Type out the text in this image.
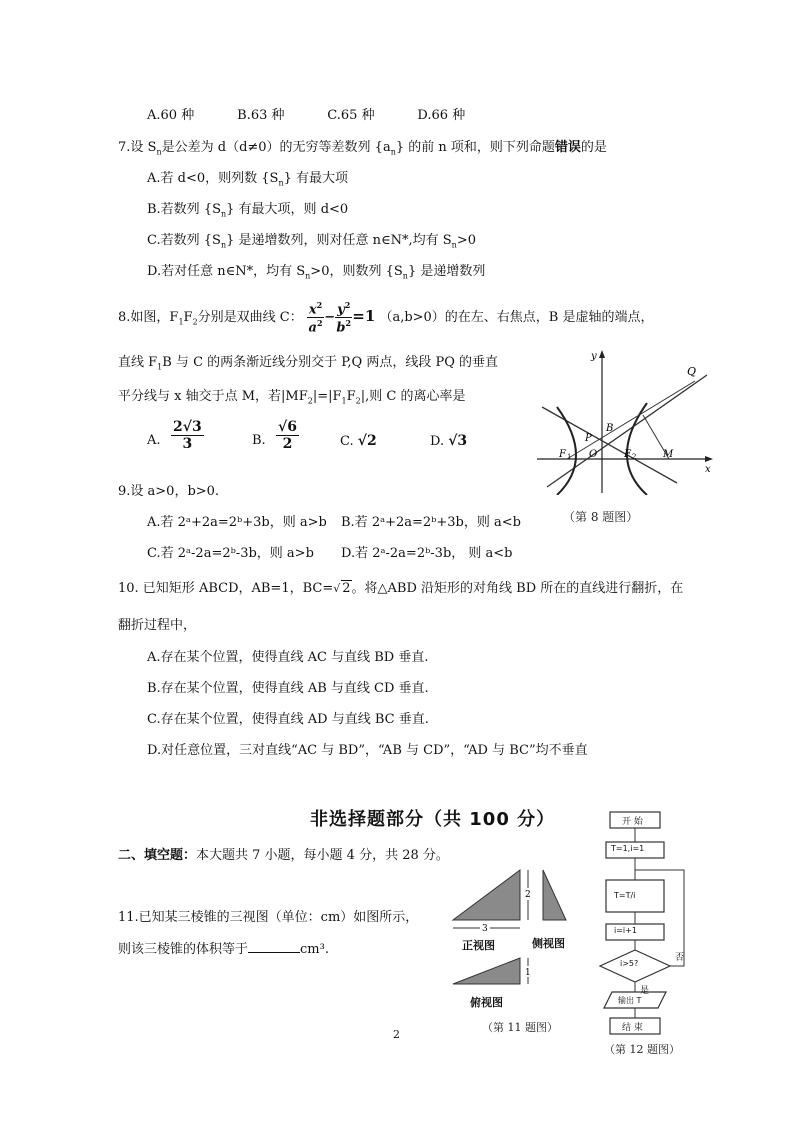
A.60 种	B.63 种	C.65 种	D.66 种
7.设 $S_n$是公差为 d（d≠0）的无穷等差数列 $\{a_n\}$ 的前 n 项和，则下列命题错误的是
A.若 d<0，则列数 $\{S_n\}$ 有最大项
B.若数列 $\{S_n\}$ 有最大项，则 d<0
C.若数列 $\{S_n\}$ 是递增数列，则对任意 n∈N*,均有 $S_n>0$
D.若对任意 n∈N*，均有 $S_n>0$，则数列 $\{S_n\}$ 是递增数列
8.如图，$F_1F_2$分别是双曲线 C： $\frac{x^2}{a^2} - \frac{y^2}{b^2} =1$ （a,b>0）的在左、右焦点，B 是虚轴的端点，
直线 $F_1B$ 与 C 的两条渐近线分别交于 P,Q 两点，线段 PQ 的垂直
平分线与 x 轴交于点 M，若$|MF_2|=|F_1F_2|$,则 C 的离心率是
A. $\frac{2√3}{3}$	B. $\frac{√6}{2}$	C. √2	D. √3
y
x
Q
B
P
O
F 1	F 2	M
（第 8 题图）
9.设 a>0，b>0.
A.若 2ᵃ+2a=2ᵇ+3b，则 a>b B.若 2ᵃ+2a=2ᵇ+3b，则 a<b
C.若 2ᵃ-2a=2ᵇ-3b，则 a>b D.若 2ᵃ-2a=2ᵇ-3b， 则 a<b
10. 已知矩形 ABCD，AB=1，BC=√ 2。将△ABD 沿矩形的对角线 BD 所在的直线进行翻折，在
翻折过程中，
A.存在某个位置，使得直线 AC 与直线 BD 垂直.
B.存在某个位置，使得直线 AB 与直线 CD 垂直.
C.存在某个位置，使得直线 AD 与直线 BC 垂直.
D.对任意位置，三对直线“AC 与 BD”，“AB 与 CD”，“AD 与 BC”均不垂直
非选择题部分（共 100 分）
二、填空题：本大题共 7 小题，每小题 4 分，共 28 分。
11.已知某三棱锥的三视图（单位：cm）如图所示，
则该三棱锥的体积等于	cm³.
3
2
1
正视图	侧视图
俯视图
（第 11 题图）
开 始
T=1,i=1
T=T/i
i=i+1
i>5?
否
是
输出 T
结 束
（第 12 题图）
2
